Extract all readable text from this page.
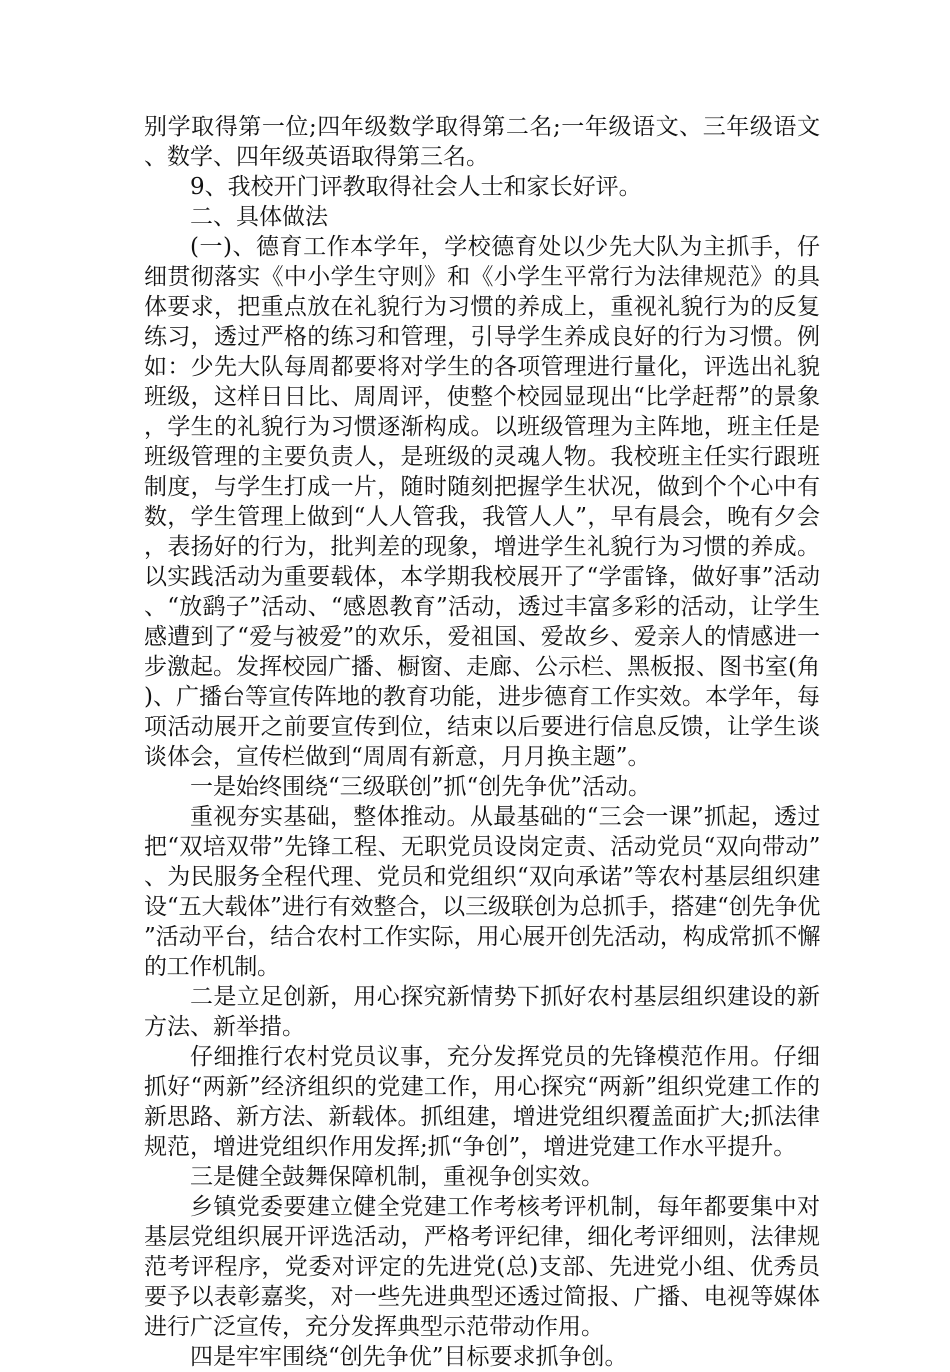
别学取得第一位;四年级数学取得第二名;一年级语文、三年级语文、数学、四年级英语取得第三名。

9、我校开门评教取得社会人士和家长好评。

二、具体做法

(一)、德育工作本学年，学校德育处以少先大队为主抓手，仔细贯彻落实《中小学生守则》和《小学生平常行为法律规范》的具体要求，把重点放在礼貌行为习惯的养成上，重视礼貌行为的反复练习，透过严格的练习和管理，引导学生养成良好的行为习惯。例如：少先大队每周都要将对学生的各项管理进行量化，评选出礼貌班级，这样日日比、周周评，使整个校园显现出“比学赶帮”的景象，学生的礼貌行为习惯逐渐构成。以班级管理为主阵地，班主任是班级管理的主要负责人，是班级的灵魂人物。我校班主任实行跟班制度，与学生打成一片，随时随刻把握学生状况，做到个个心中有数，学生管理上做到“人人管我，我管人人”，早有晨会，晚有夕会，表扬好的行为，批判差的现象，增进学生礼貌行为习惯的养成。以实践活动为重要载体，本学期我校展开了“学雷锋，做好事”活动、“放鹞子”活动、“感恩教育”活动，透过丰富多彩的活动，让学生感遭到了“爱与被爱”的欢乐，爱祖国、爱故乡、爱亲人的情感进一步激起。发挥校园广播、橱窗、走廊、公示栏、黑板报、图书室(角)、广播台等宣传阵地的教育功能，进步德育工作实效。本学年，每项活动展开之前要宣传到位，结束以后要进行信息反馈，让学生谈谈体会，宣传栏做到“周周有新意，月月换主题”。

一是始终围绕“三级联创”抓“创先争优”活动。

重视夯实基础，整体推动。从最基础的“三会一课”抓起，透过把“双培双带”先锋工程、无职党员设岗定责、活动党员“双向带动”、为民服务全程代理、党员和党组织“双向承诺”等农村基层组织建设“五大载体”进行有效整合，以三级联创为总抓手，搭建“创先争优”活动平台，结合农村工作实际，用心展开创先活动，构成常抓不懈的工作机制。

二是立足创新，用心探究新情势下抓好农村基层组织建设的新方法、新举措。

仔细推行农村党员议事，充分发挥党员的先锋模范作用。仔细抓好“两新”经济组织的党建工作，用心探究“两新”组织党建工作的新思路、新方法、新载体。抓组建，增进党组织覆盖面扩大;抓法律规范，增进党组织作用发挥;抓“争创”，增进党建工作水平提升。

三是健全鼓舞保障机制，重视争创实效。

乡镇党委要建立健全党建工作考核考评机制，每年都要集中对基层党组织展开评选活动，严格考评纪律，细化考评细则，法律规范考评程序，党委对评定的先进党(总)支部、先进党小组、优秀员要予以表彰嘉奖，对一些先进典型还透过简报、广播、电视等媒体进行广泛宣传，充分发挥典型示范带动作用。

四是牢牢围绕“创先争优”目标要求抓争创。
